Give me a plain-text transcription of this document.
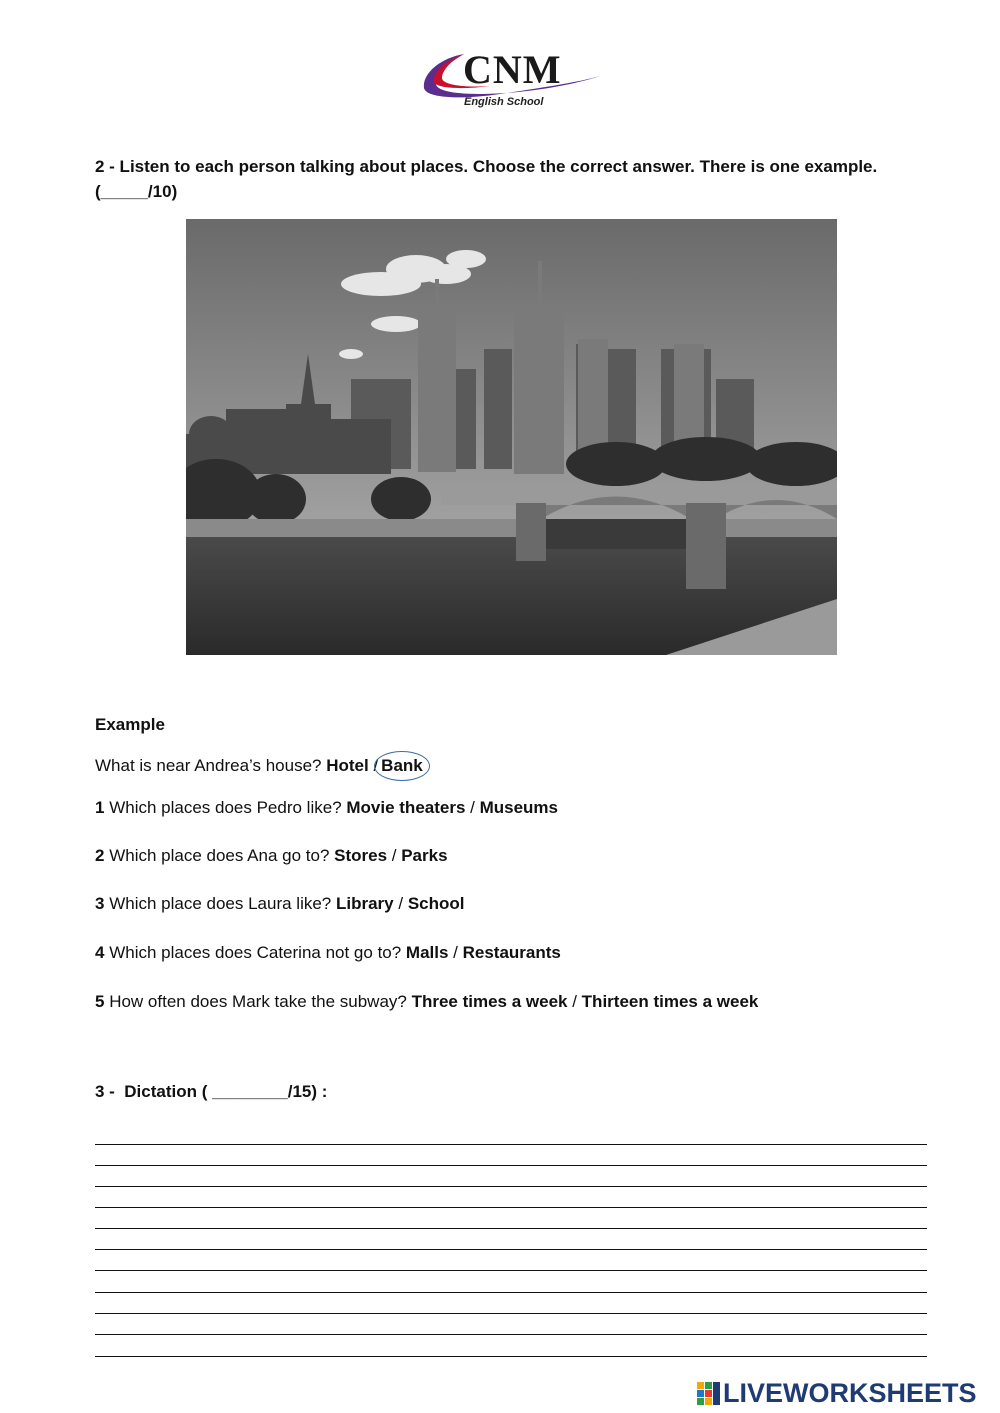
CNM
English School
2 - Listen to each person talking about places. Choose the correct answer. There is one example. (_____/10)
Example
What is near Andrea’s house? Hotel / Bank
1 Which places does Pedro like? Movie theaters / Museums
2 Which place does Ana go to? Stores / Parks
3 Which place does Laura like? Library / School
4 Which places does Caterina not go to? Malls / Restaurants
5 How often does Mark take the subway? Three times a week / Thirteen times a week
3 -  Dictation ( ________/15) :
LIVEWORKSHEETS
